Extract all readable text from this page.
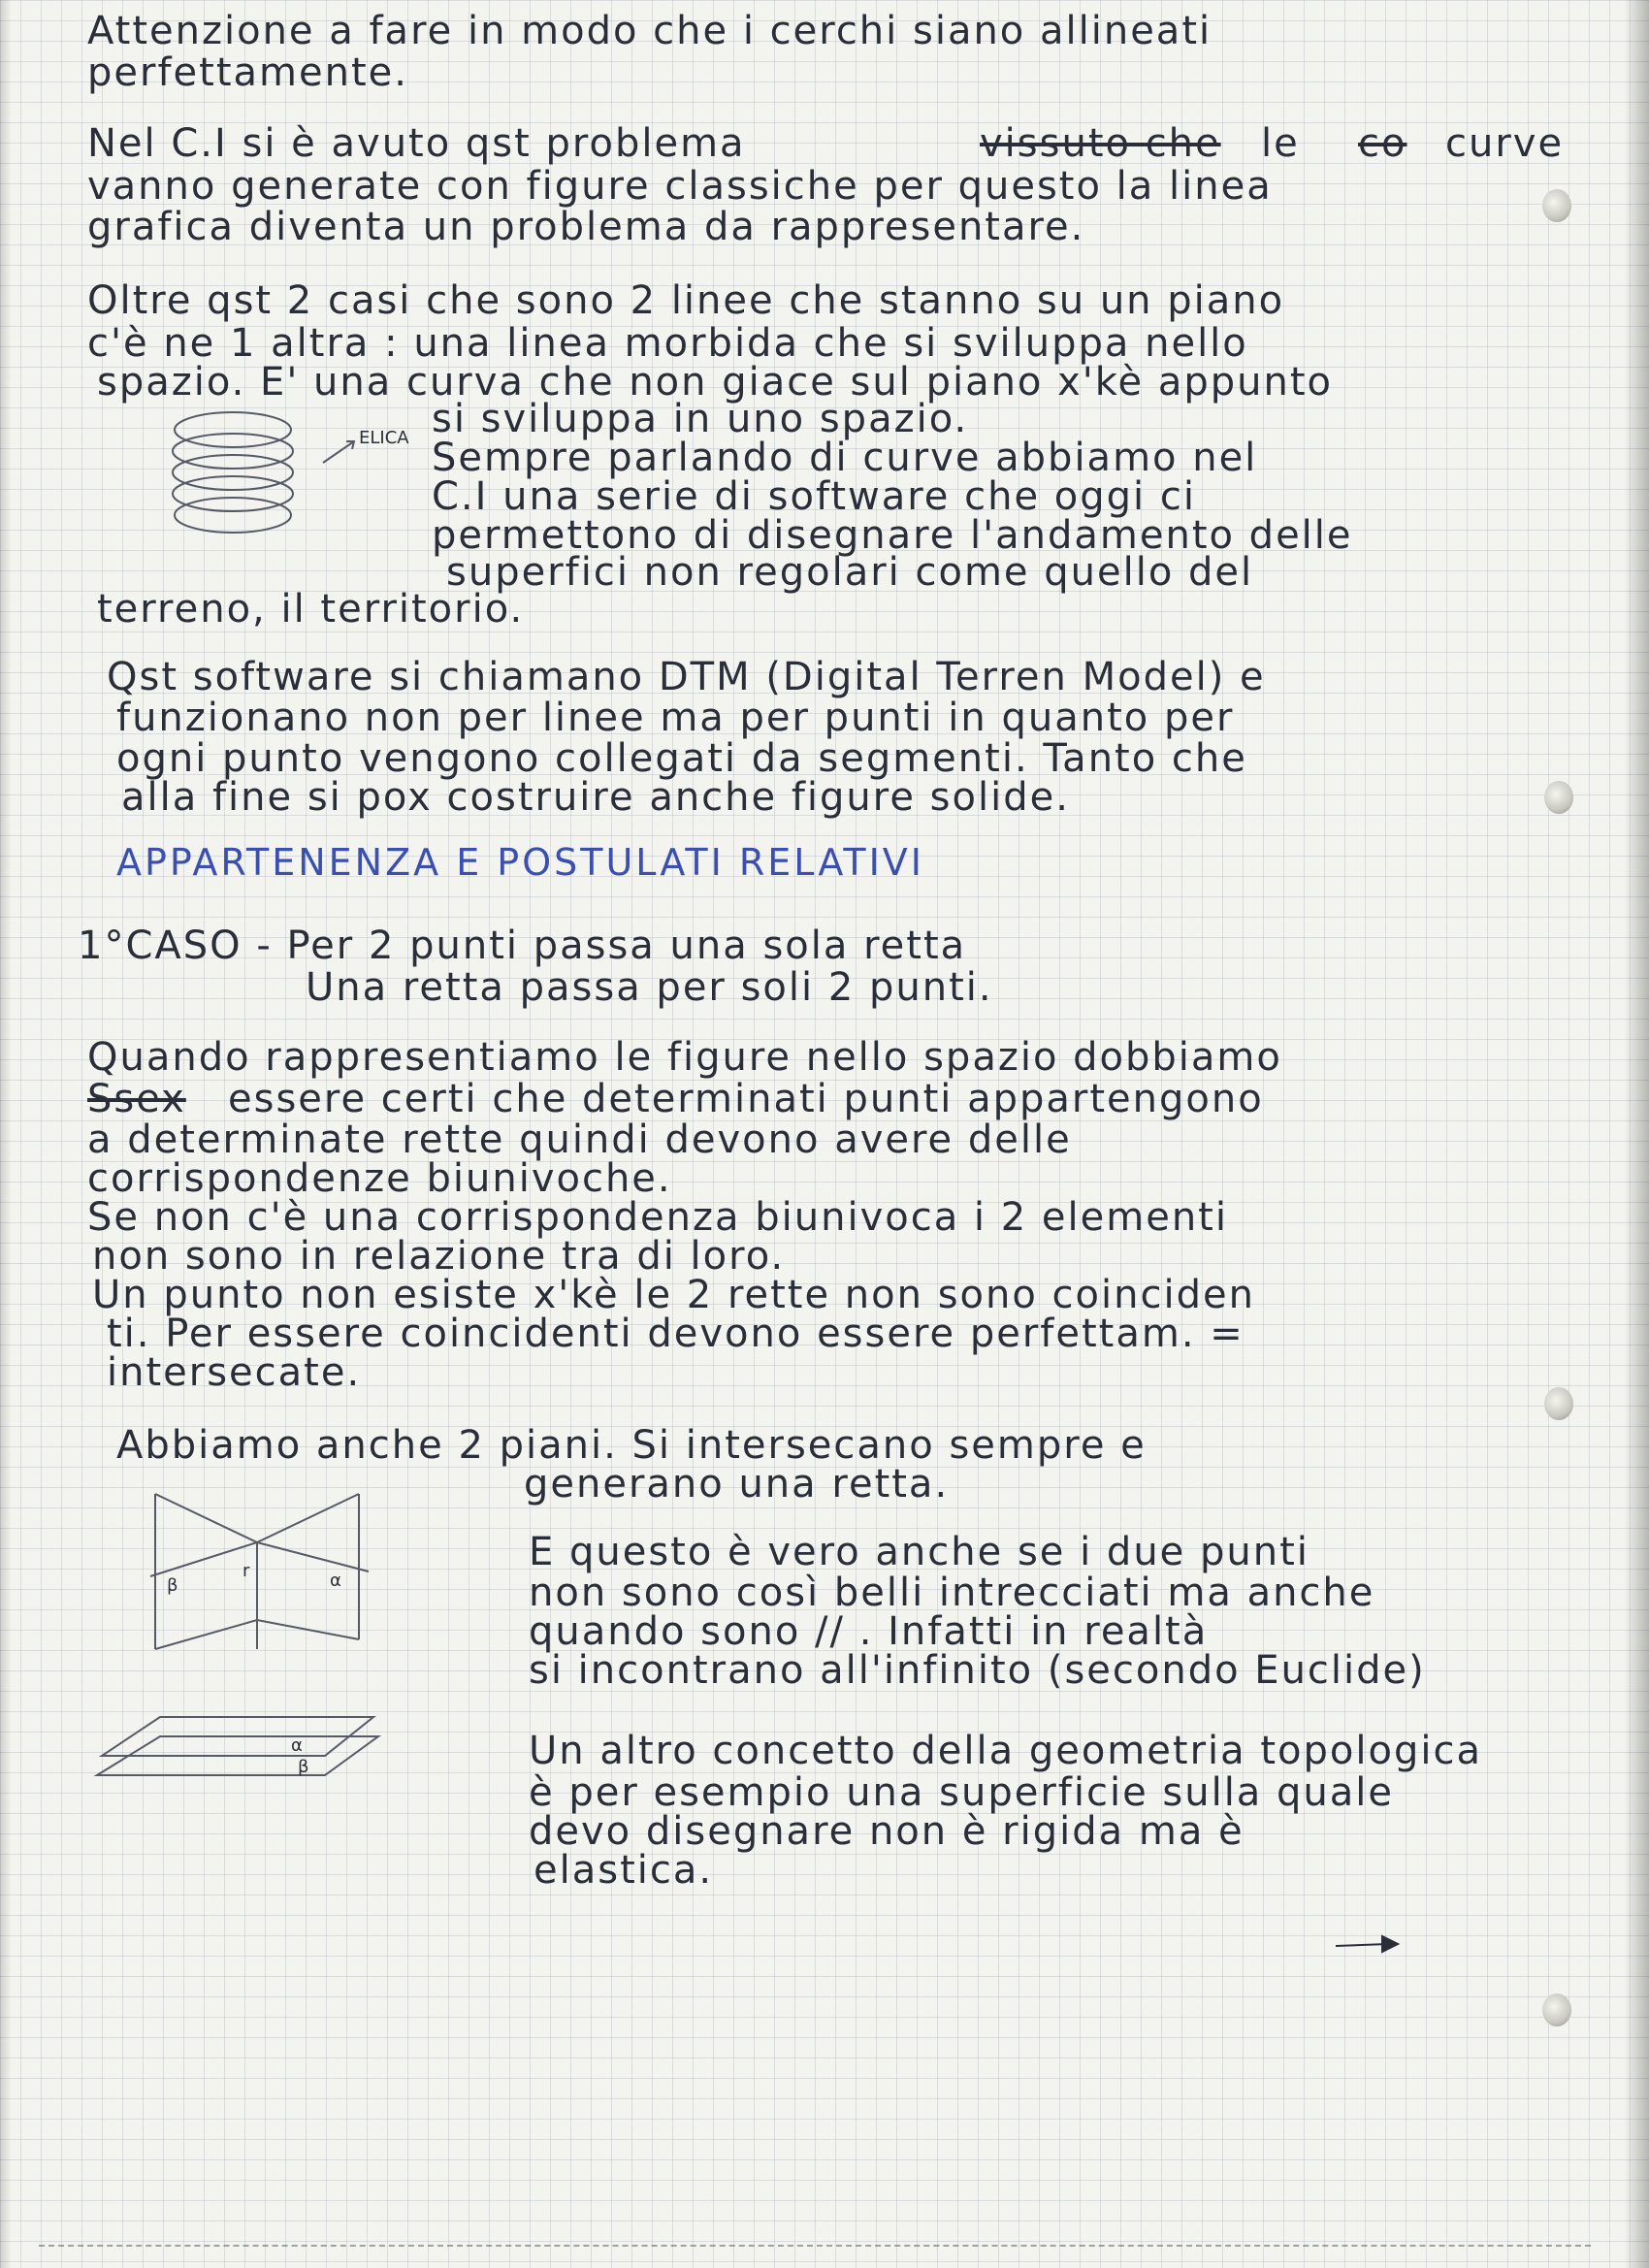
Attenzione a fare in modo che i cerchi siano allineati
perfettamente.
Nel C.I si è avuto qst problema	vissuto che le co curve
vanno generate con figure classiche per questo la linea
grafica diventa un problema da rappresentare.
Oltre qst 2 casi che sono 2 linee che stanno su un piano
c'è ne 1 altra : una linea morbida che si sviluppa nello
spazio. E' una curva che non giace sul piano x'kè appunto
si sviluppa in uno spazio.
Sempre parlando di curve abbiamo nel
C.I una serie di software che oggi ci
permettono di disegnare l'andamento delle
superfici non regolari come quello del
terreno, il territorio.
ELICA
Qst software si chiamano DTM (Digital Terren Model) e
funzionano non per linee ma per punti in quanto per
ogni punto vengono collegati da segmenti. Tanto che
alla fine si pox costruire anche figure solide.
APPARTENENZA E POSTULATI RELATIVI
1°CASO - Per 2 punti passa una sola retta
Una retta passa per soli 2 punti.
Quando rappresentiamo le figure nello spazio dobbiamo
Ssex essere certi che determinati punti appartengono
a determinate rette quindi devono avere delle
corrispondenze biunivoche.
Se non c'è una corrispondenza biunivoca i 2 elementi
non sono in relazione tra di loro.
Un punto non esiste x'kè le 2 rette non sono coinciden
ti. Per essere coincidenti devono essere perfettam. =
intersecate.
Abbiamo anche 2 piani. Si intersecano sempre e
generano una retta.
β
r	α
E questo è vero anche se i due punti
non sono così belli intrecciati ma anche
quando sono // . Infatti in realtà
si incontrano all'infinito (secondo Euclide)
α
β	Un altro concetto della geometria topologica
è per esempio una superficie sulla quale
devo disegnare non è rigida ma è
elastica.
